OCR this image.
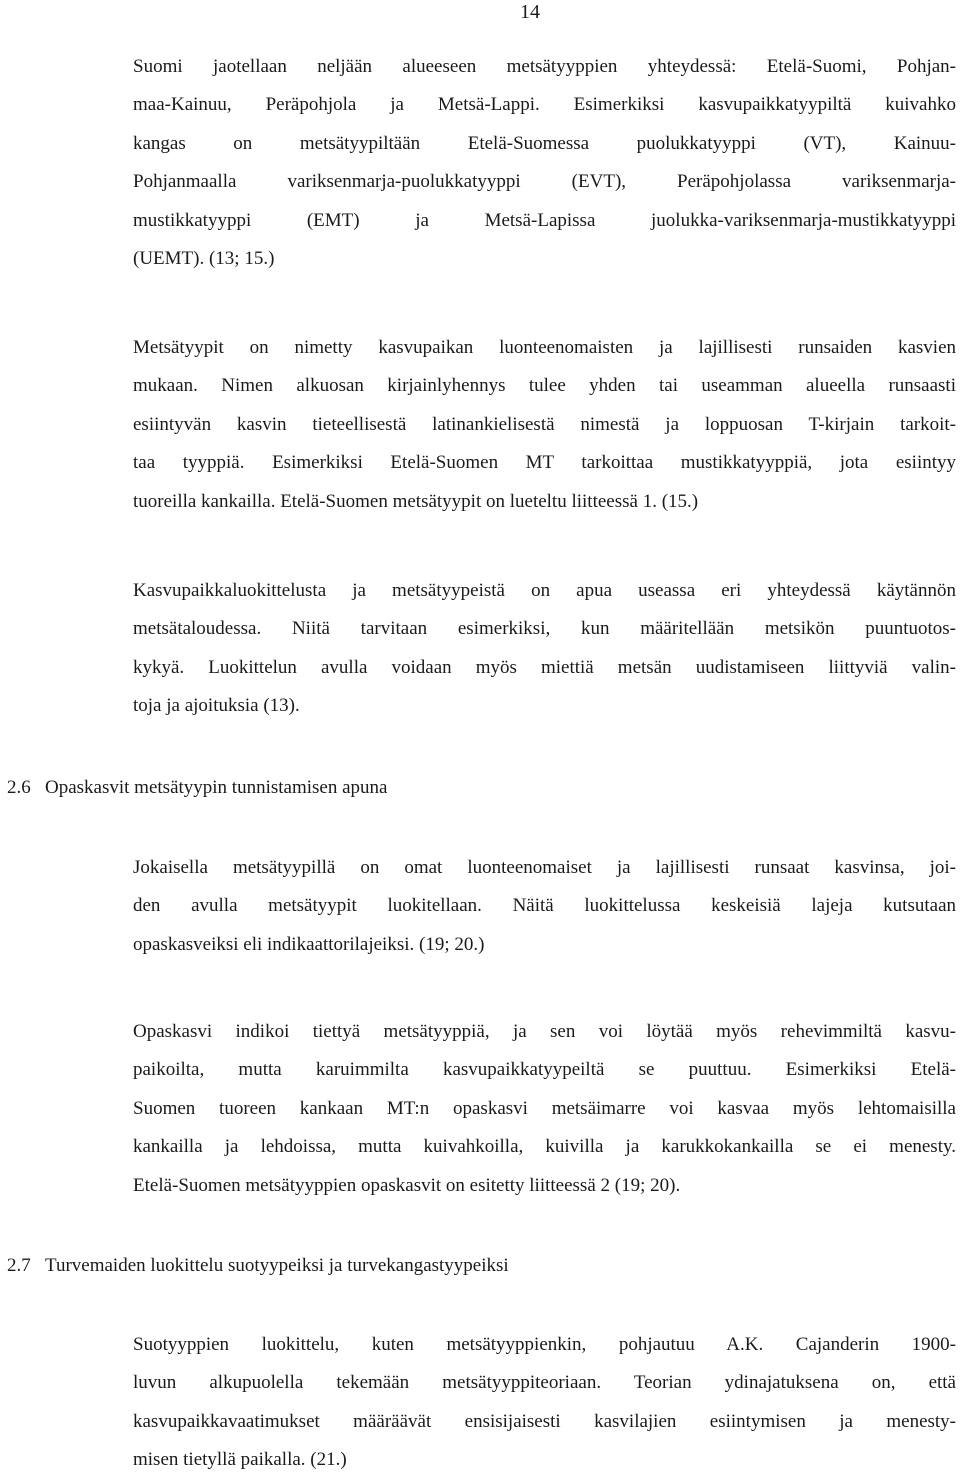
14
Suomi jaotellaan neljään alueeseen metsätyyppien yhteydessä: Etelä-Suomi, Pohjan-
maa-Kainuu, Peräpohjola ja Metsä-Lappi. Esimerkiksi kasvupaikkatyypiltä kuivahko
kangas on metsätyypiltään Etelä-Suomessa puolukkatyyppi (VT), Kainuu-
Pohjanmaalla variksenmarja-puolukkatyyppi (EVT), Peräpohjolassa variksenmarja-
mustikkatyyppi (EMT) ja Metsä-Lapissa juolukka-variksenmarja-mustikkatyyppi
(UEMT). (13; 15.)
Metsätyypit on nimetty kasvupaikan luonteenomaisten ja lajillisesti runsaiden kasvien
mukaan. Nimen alkuosan kirjainlyhennys tulee yhden tai useamman alueella runsaasti
esiintyvän kasvin tieteellisestä latinankielisestä nimestä ja loppuosan T-kirjain tarkoit-
taa tyyppiä. Esimerkiksi Etelä-Suomen MT tarkoittaa mustikkatyyppiä, jota esiintyy
tuoreilla kankailla. Etelä-Suomen metsätyypit on lueteltu liitteessä 1. (15.)
Kasvupaikkaluokittelusta ja metsätyypeistä on apua useassa eri yhteydessä käytännön
metsätaloudessa. Niitä tarvitaan esimerkiksi, kun määritellään metsikön puuntuotos-
kykyä. Luokittelun avulla voidaan myös miettiä metsän uudistamiseen liittyviä valin-
toja ja ajoituksia (13).
2.6 Opaskasvit metsätyypin tunnistamisen apuna
Jokaisella metsätyypillä on omat luonteenomaiset ja lajillisesti runsaat kasvinsa, joi-
den avulla metsätyypit luokitellaan. Näitä luokittelussa keskeisiä lajeja kutsutaan
opaskasveiksi eli indikaattorilajeiksi. (19; 20.)
Opaskasvi indikoi tiettyä metsätyyppiä, ja sen voi löytää myös rehevimmiltä kasvu-
paikoilta, mutta karuimmilta kasvupaikkatyypeiltä se puuttuu. Esimerkiksi Etelä-
Suomen tuoreen kankaan MT:n opaskasvi metsäimarre voi kasvaa myös lehtomaisilla
kankailla ja lehdoissa, mutta kuivahkoilla, kuivilla ja karukkokankailla se ei menesty.
Etelä-Suomen metsätyyppien opaskasvit on esitetty liitteessä 2 (19; 20).
2.7 Turvemaiden luokittelu suotyypeiksi ja turvekangastyypeiksi
Suotyyppien luokittelu, kuten metsätyyppienkin, pohjautuu A.K. Cajanderin 1900-
luvun alkupuolella tekemään metsätyyppiteoriaan. Teorian ydinajatuksena on, että
kasvupaikkavaatimukset määräävät ensisijaisesti kasvilajien esiintymisen ja menesty-
misen tietyllä paikalla. (21.)
